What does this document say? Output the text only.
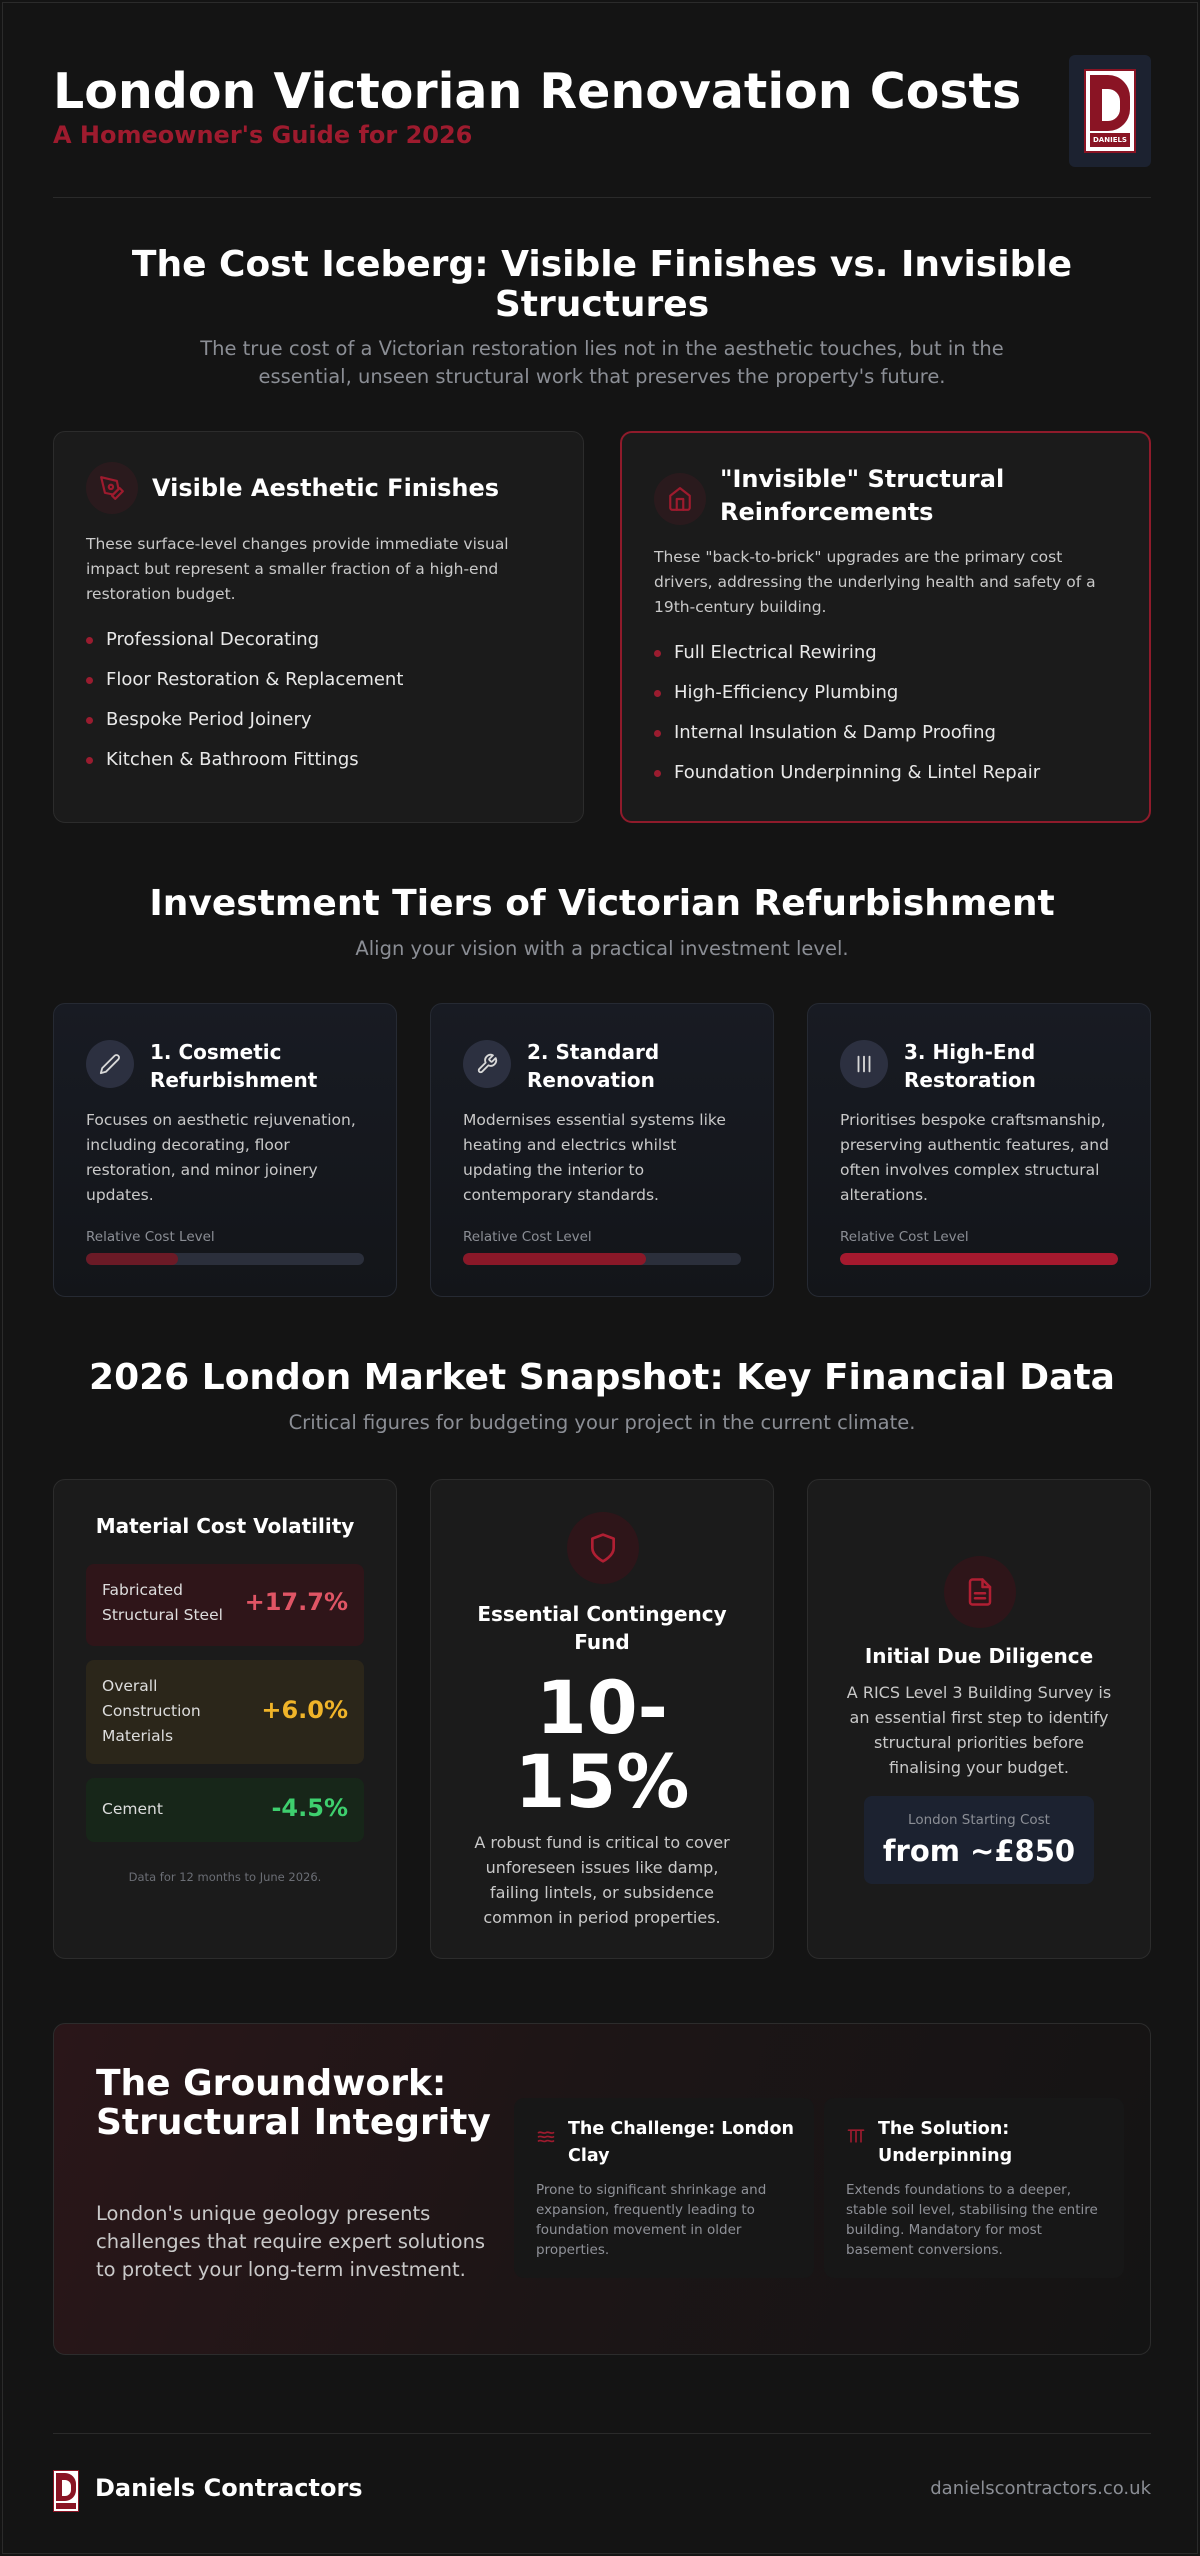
London Victorian Renovation Costs
A Homeowner's Guide for 2026	DANIELS
The Cost Iceberg: Visible Finishes vs. Invisible Structures
The true cost of a Victorian restoration lies not in the aesthetic touches, but in the essential, unseen structural work that preserves the property's future.
Visible Aesthetic Finishes
These surface-level changes provide immediate visual impact but represent a smaller fraction of a high-end restoration budget.
Professional Decorating
Floor Restoration & Replacement
Bespoke Period Joinery
Kitchen & Bathroom Fittings
"Invisible" Structural Reinforcements
These "back-to-brick" upgrades are the primary cost drivers, addressing the underlying health and safety of a 19th-century building.
Full Electrical Rewiring
High-Efficiency Plumbing
Internal Insulation & Damp Proofing
Foundation Underpinning & Lintel Repair
Investment Tiers of Victorian Refurbishment
Align your vision with a practical investment level.
1. Cosmetic Refurbishment
Focuses on aesthetic rejuvenation, including decorating, floor restoration, and minor joinery updates.
Relative Cost Level
2. Standard Renovation
Modernises essential systems like heating and electrics whilst updating the interior to contemporary standards.
Relative Cost Level
3. High-End Restoration
Prioritises bespoke craftsmanship, preserving authentic features, and often involves complex structural alterations.
Relative Cost Level
2026 London Market Snapshot: Key Financial Data
Critical figures for budgeting your project in the current climate.
Material Cost Volatility
Fabricated Structural Steel +17.7%
Overall Construction Materials
+6.0%
Cement	-4.5%
Data for 12 months to June 2026.
Essential Contingency Fund
10-
15%
A robust fund is critical to cover unforeseen issues like damp, failing lintels, or subsidence common in period properties.
Initial Due Diligence
A RICS Level 3 Building Survey is an essential first step to identify structural priorities before finalising your budget.
London Starting Cost
from ~£850
The Groundwork: Structural Integrity
London's unique geology presents challenges that require expert solutions to protect your long-term investment.
The Challenge: London Clay
Prone to significant shrinkage and expansion, frequently leading to foundation movement in older properties.
The Solution: Underpinning
Extends foundations to a deeper, stable soil level, stabilising the entire building. Mandatory for most basement conversions.
Daniels Contractors	danielscontractors.co.uk
